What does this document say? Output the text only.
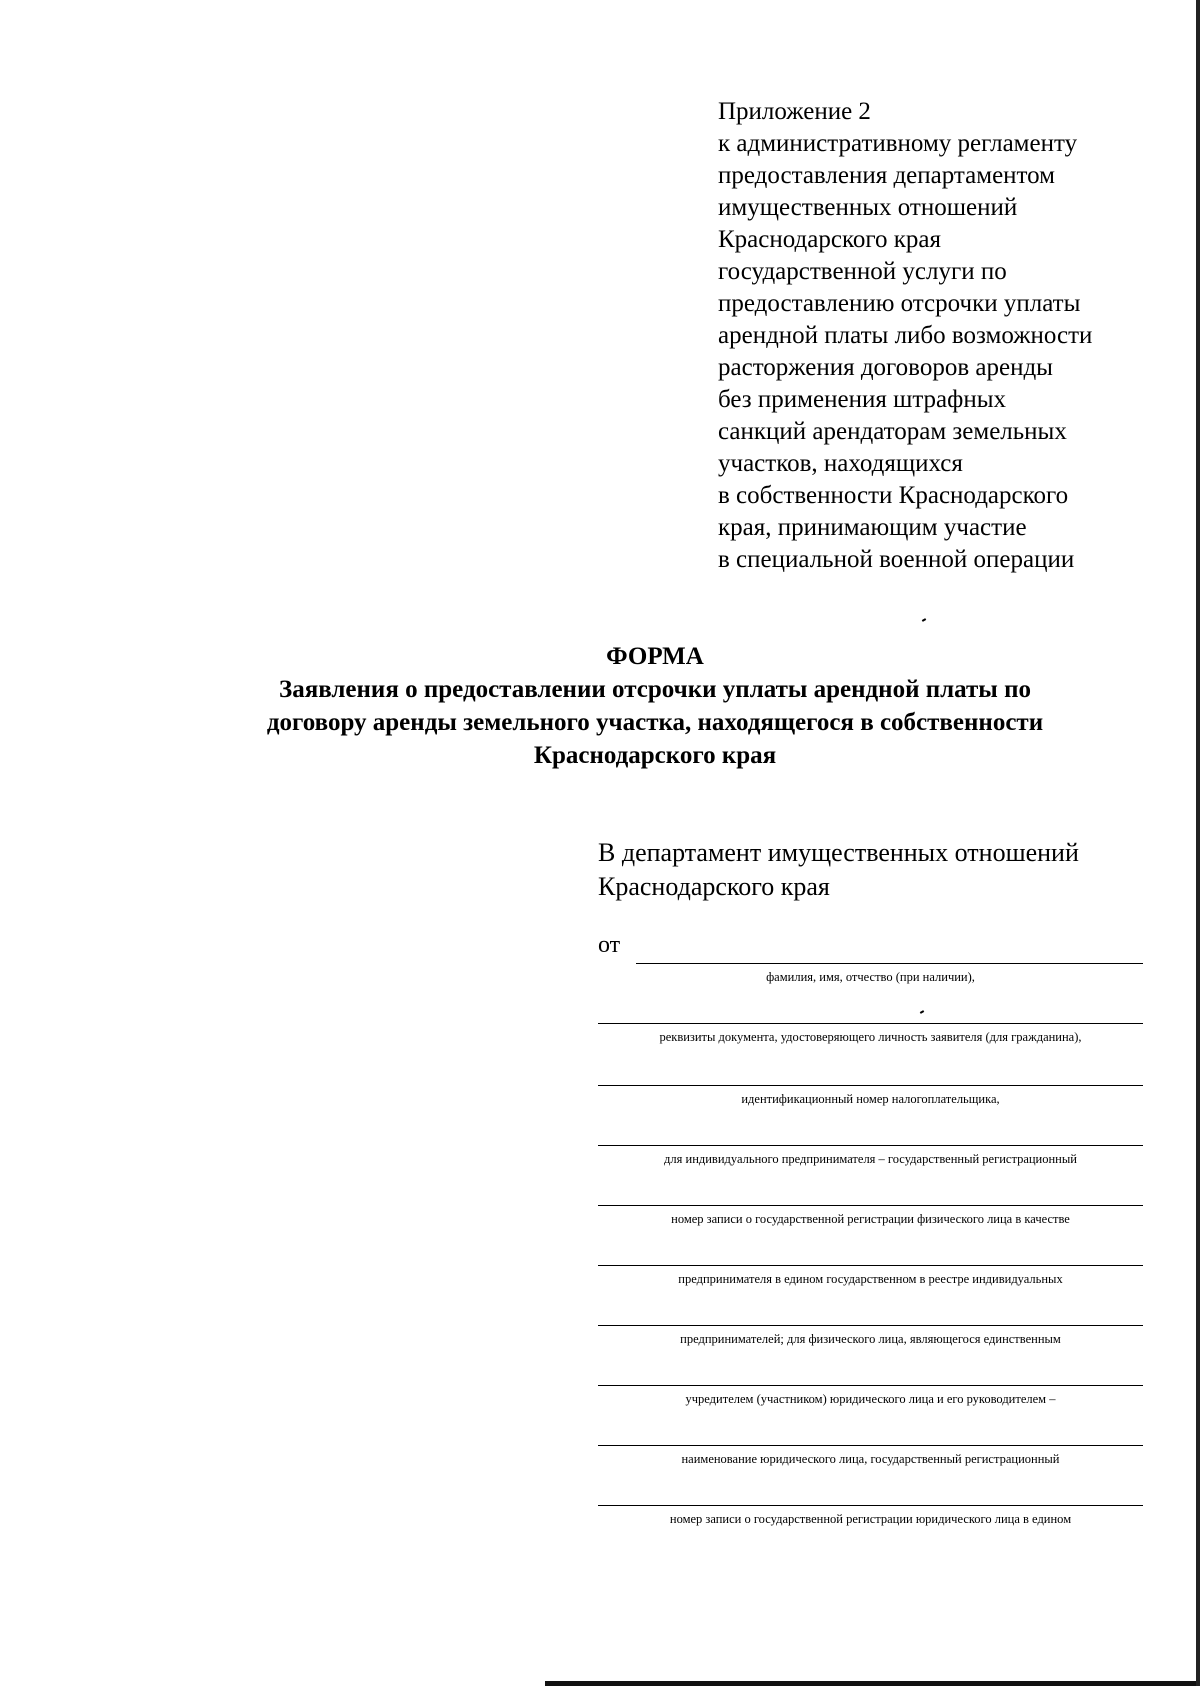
Приложение 2
к административному регламенту
предоставления департаментом
имущественных отношений
Краснодарского края
государственной услуги по
предоставлению отсрочки уплаты
арендной платы либо возможности
расторжения договоров аренды
без применения штрафных
санкций арендаторам земельных
участков, находящихся
в собственности Краснодарского
края, принимающим участие
в специальной военной операции
ФОРМА
Заявления о предоставлении отсрочки уплаты арендной платы по
договору аренды земельного участка, находящегося в собственности
Краснодарского края
В департамент имущественных отношений
Краснодарского края
от
фамилия, имя, отчество (при наличии),
реквизиты документа, удостоверяющего личность заявителя (для гражданина),
идентификационный номер налогоплательщика,
для индивидуального предпринимателя – государственный регистрационный
номер записи о государственной регистрации физического лица в качестве
предпринимателя в едином государственном в реестре индивидуальных
предпринимателей; для физического лица, являющегося единственным
учредителем (участником) юридического лица и его руководителем –
наименование юридического лица, государственный регистрационный
номер записи о государственной регистрации юридического лица в едином
